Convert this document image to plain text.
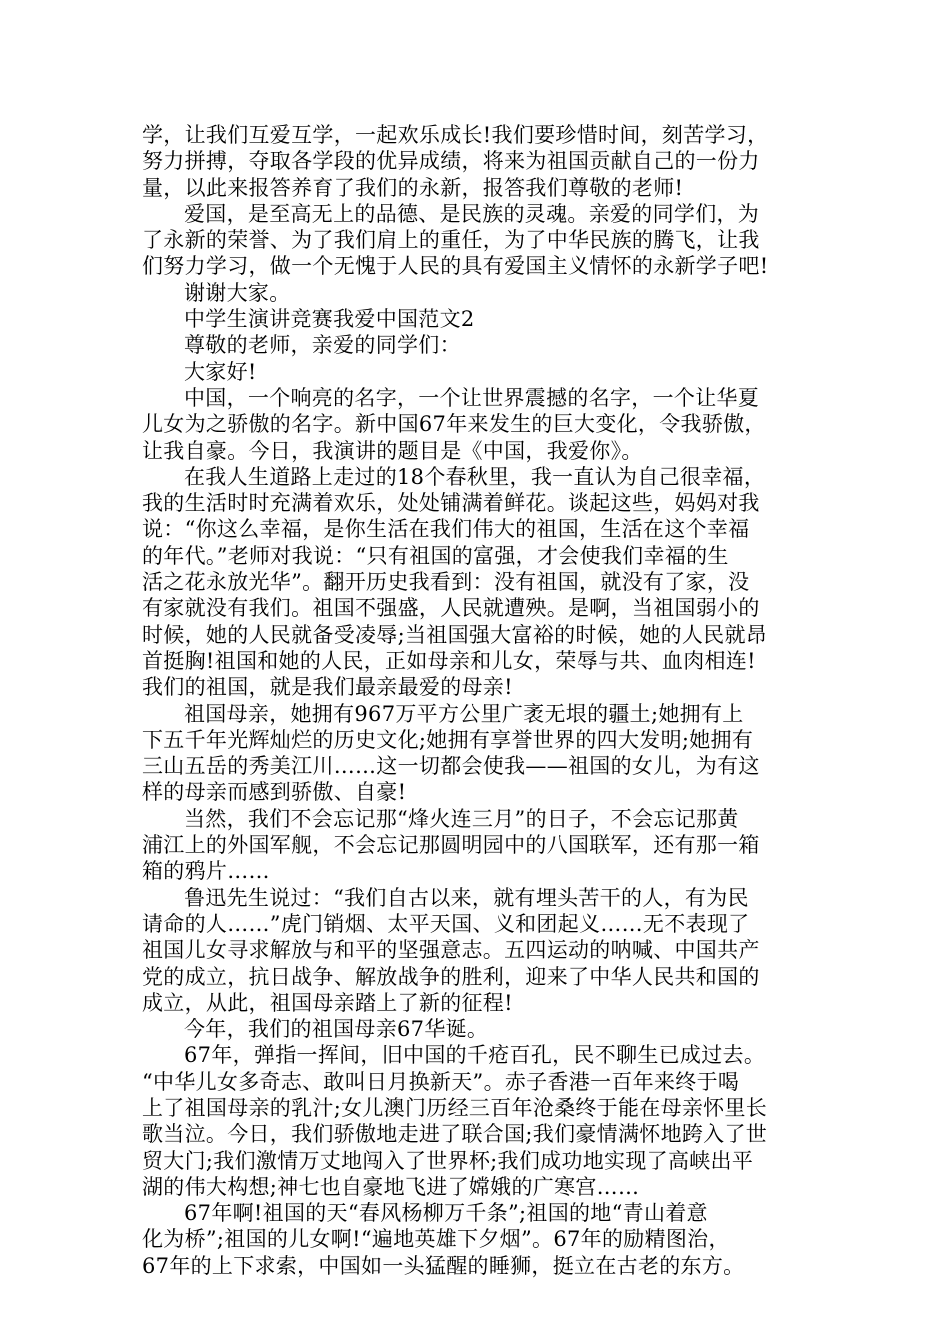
学，让我们互爱互学，一起欢乐成长!我们要珍惜时间，刻苦学习，
努力拼搏，夺取各学段的优异成绩，将来为祖国贡献自己的一份力
量，以此来报答养育了我们的永新，报答我们尊敬的老师!
爱国，是至高无上的品德、是民族的灵魂。亲爱的同学们，为
了永新的荣誉、为了我们肩上的重任，为了中华民族的腾飞，让我
们努力学习，做一个无愧于人民的具有爱国主义情怀的永新学子吧!
谢谢大家。
中学生演讲竞赛我爱中国范文2
尊敬的老师，亲爱的同学们：
大家好!
中国，一个响亮的名字，一个让世界震撼的名字，一个让华夏
儿女为之骄傲的名字。新中国67年来发生的巨大变化，令我骄傲，
让我自豪。今日，我演讲的题目是《中国，我爱你》。
在我人生道路上走过的18个春秋里，我一直认为自己很幸福，
我的生活时时充满着欢乐，处处铺满着鲜花。谈起这些，妈妈对我
说：“你这么幸福，是你生活在我们伟大的祖国，生活在这个幸福
的年代。”老师对我说：“只有祖国的富强，才会使我们幸福的生
活之花永放光华”。翻开历史我看到：没有祖国，就没有了家，没
有家就没有我们。祖国不强盛，人民就遭殃。是啊，当祖国弱小的
时候，她的人民就备受凌辱;当祖国强大富裕的时候，她的人民就昂
首挺胸!祖国和她的人民，正如母亲和儿女，荣辱与共、血肉相连!
我们的祖国，就是我们最亲最爱的母亲!
祖国母亲，她拥有967万平方公里广袤无垠的疆土;她拥有上
下五千年光辉灿烂的历史文化;她拥有享誉世界的四大发明;她拥有
三山五岳的秀美江川……这一切都会使我——祖国的女儿，为有这
样的母亲而感到骄傲、自豪!
当然，我们不会忘记那“烽火连三月”的日子，不会忘记那黄
浦江上的外国军舰，不会忘记那圆明园中的八国联军，还有那一箱
箱的鸦片……
鲁迅先生说过：“我们自古以来，就有埋头苦干的人，有为民
请命的人……”虎门销烟、太平天国、义和团起义……无不表现了
祖国儿女寻求解放与和平的坚强意志。五四运动的呐喊、中国共产
党的成立，抗日战争、解放战争的胜利，迎来了中华人民共和国的
成立，从此，祖国母亲踏上了新的征程!
今年，我们的祖国母亲67华诞。
67年，弹指一挥间，旧中国的千疮百孔，民不聊生已成过去。
“中华儿女多奇志、敢叫日月换新天”。赤子香港一百年来终于喝
上了祖国母亲的乳汁;女儿澳门历经三百年沧桑终于能在母亲怀里长
歌当泣。今日，我们骄傲地走进了联合国;我们豪情满怀地跨入了世
贸大门;我们激情万丈地闯入了世界杯;我们成功地实现了高峡出平
湖的伟大构想;神七也自豪地飞进了嫦娥的广寒宫……
67年啊!祖国的天“春风杨柳万千条”;祖国的地“青山着意
化为桥”;祖国的儿女啊!“遍地英雄下夕烟”。67年的励精图治，
67年的上下求索，中国如一头猛醒的睡狮，挺立在古老的东方。
